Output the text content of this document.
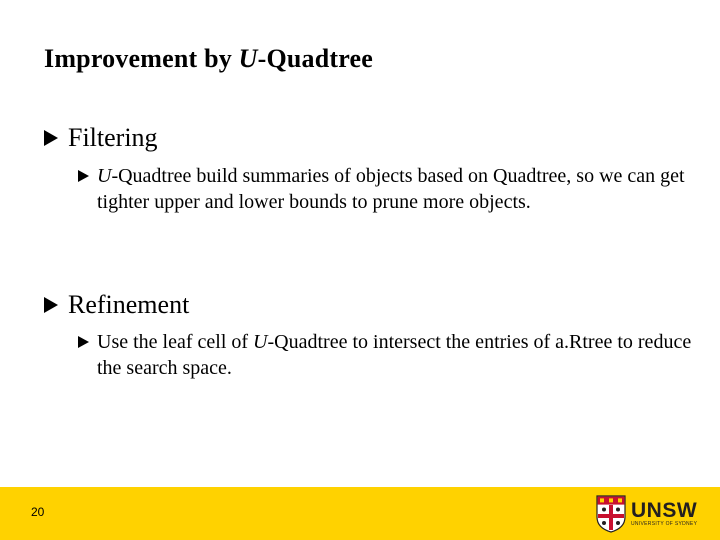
Improvement by U-Quadtree
Filtering
U-Quadtree build summaries of objects based on Quadtree, so we can get tighter upper and lower bounds to prune more objects.
Refinement
Use the leaf cell of U-Quadtree to intersect the entries of a.Rtree to reduce the search space.
20	UNSW
UNIVERSITY OF SYDNEY
